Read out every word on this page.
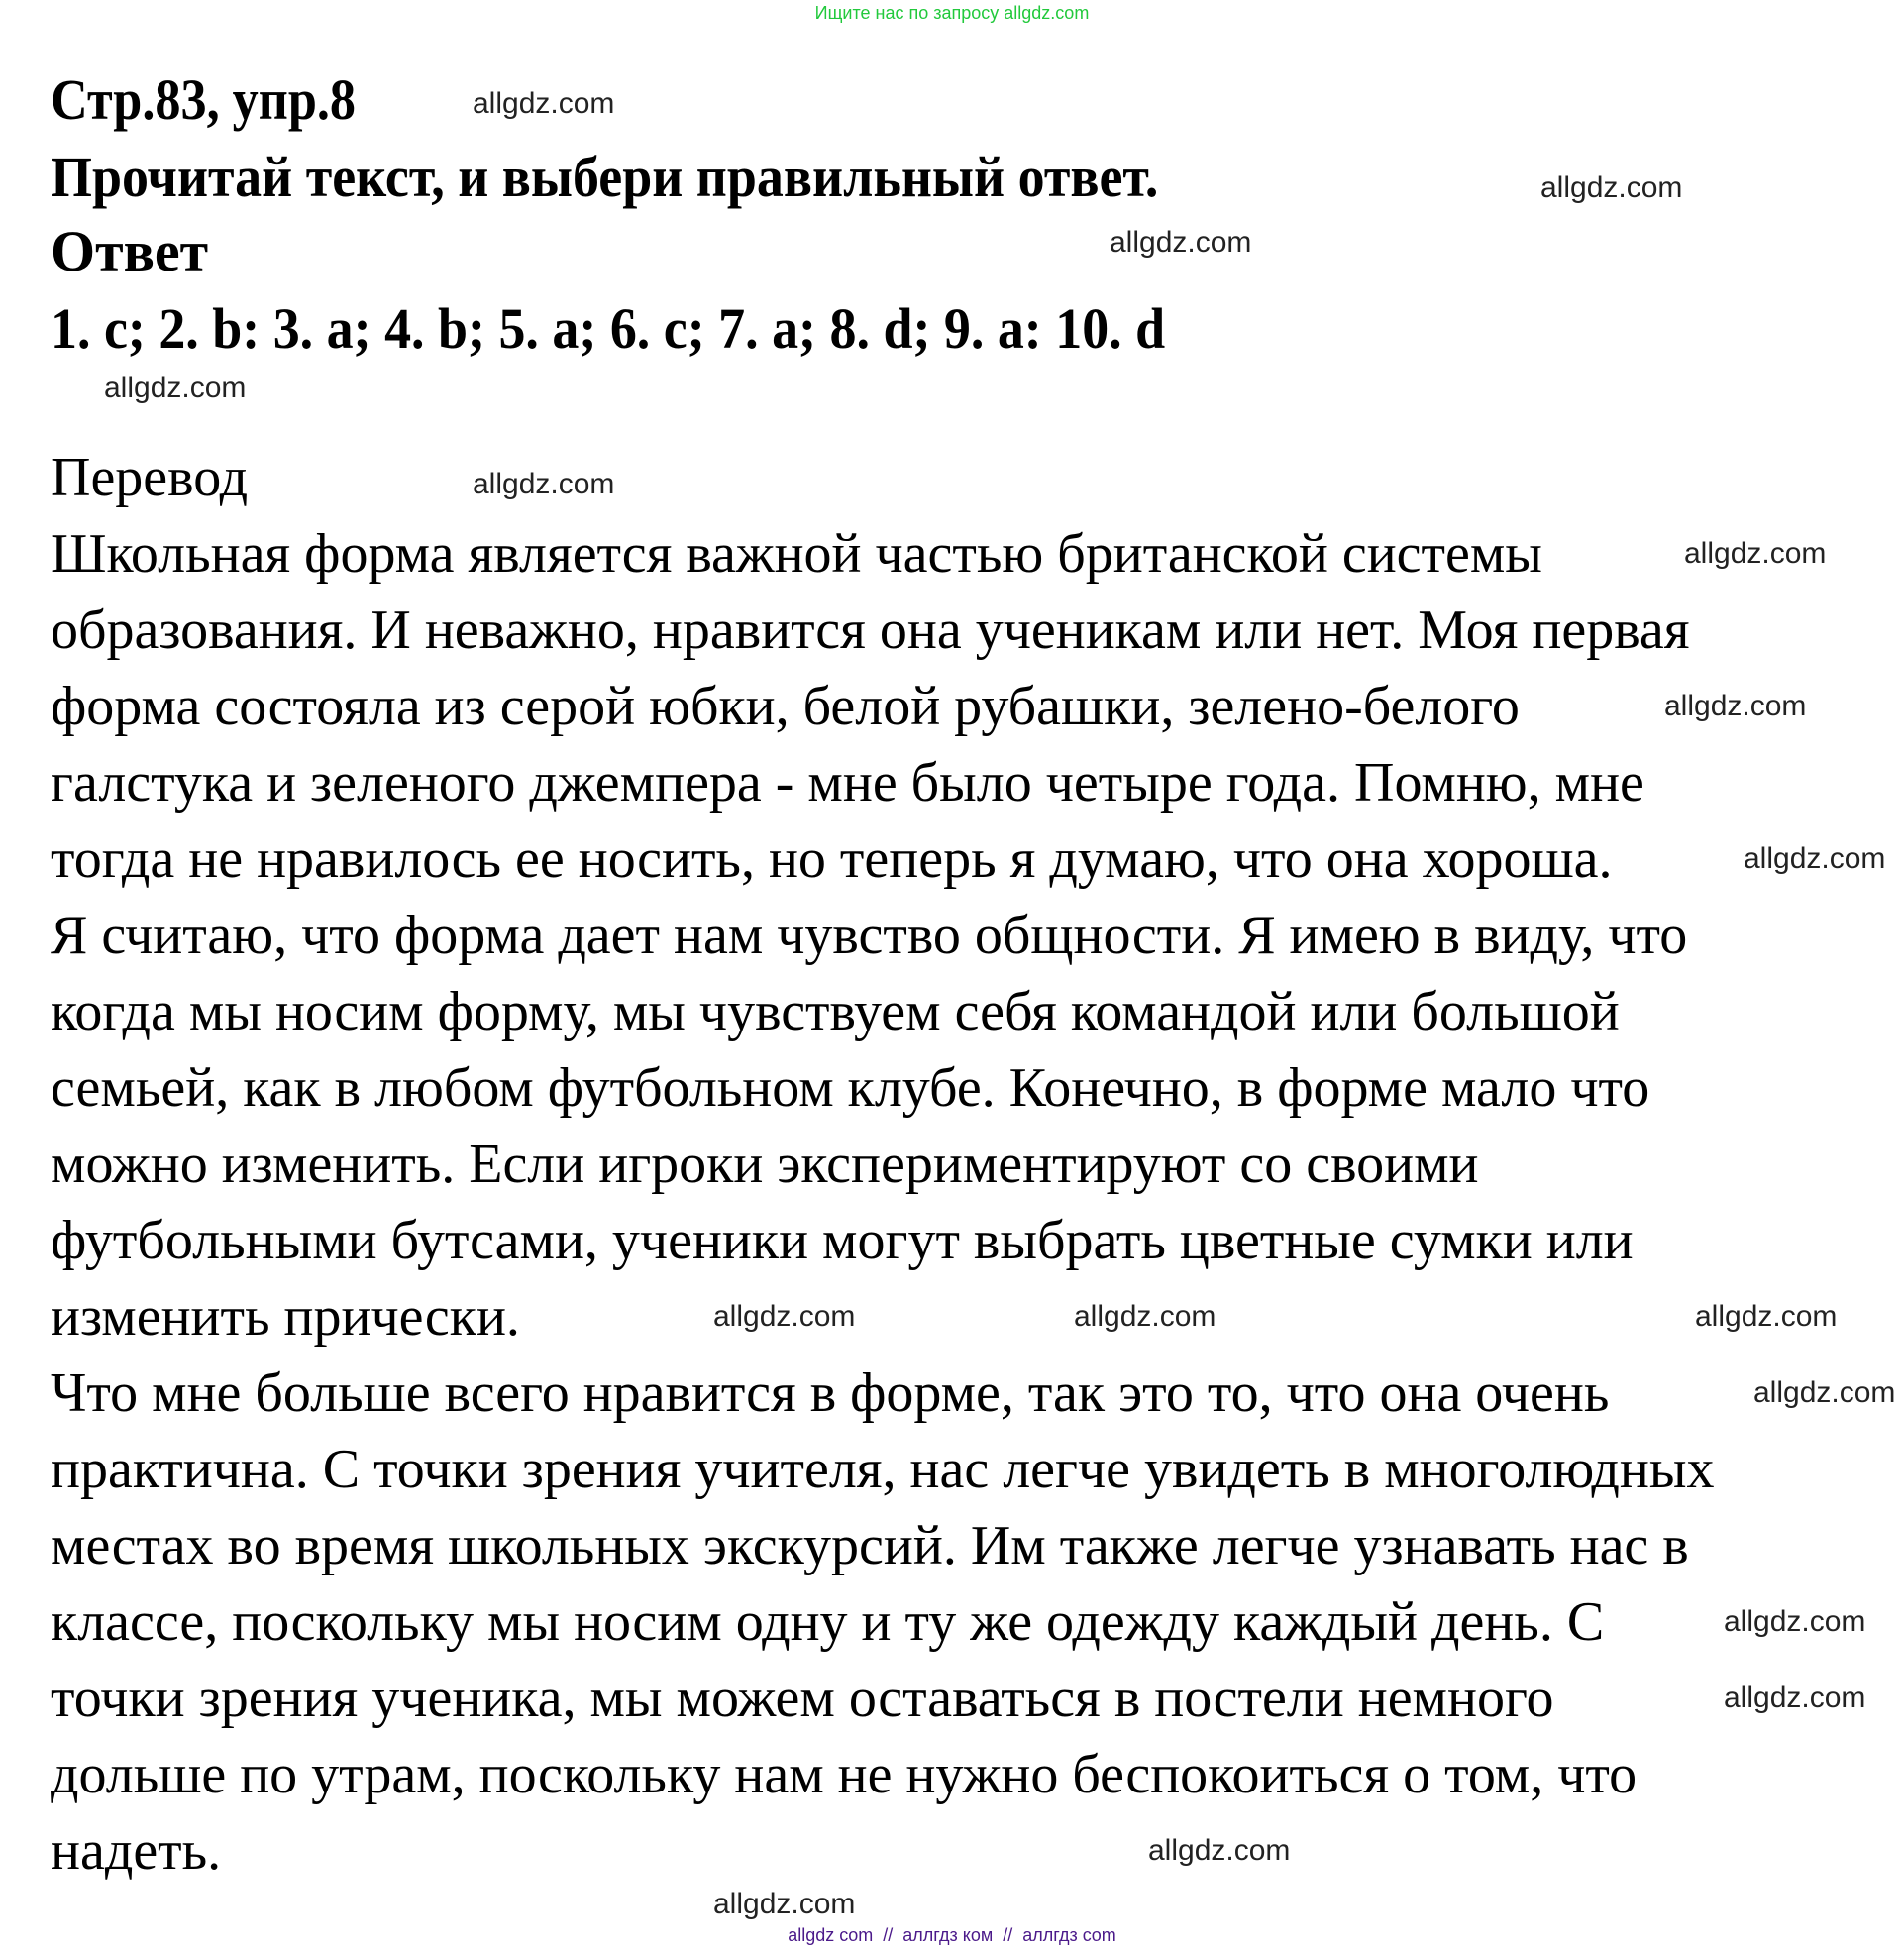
Ищите нас по запросу allgdz.com
Стр.83, упр.8
Прочитай текст, и выбери правильный ответ.
Ответ
1. c; 2. b: 3. a; 4. b; 5. a; 6. c; 7. a; 8. d; 9. a: 10. d
Перевод
Школьная форма является важной частью британской системы
образования. И неважно, нравится она ученикам или нет. Моя первая
форма состояла из серой юбки, белой рубашки, зелено-белого
галстука и зеленого джемпера - мне было четыре года. Помню, мне
тогда не нравилось ее носить, но теперь я думаю, что она хороша.
Я считаю, что форма дает нам чувство общности. Я имею в виду, что
когда мы носим форму, мы чувствуем себя командой или большой
семьей, как в любом футбольном клубе. Конечно, в форме мало что
можно изменить. Если игроки экспериментируют со своими
футбольными бутсами, ученики могут выбрать цветные сумки или
изменить прически.
Что мне больше всего нравится в форме, так это то, что она очень
практична. С точки зрения учителя, нас легче увидеть в многолюдных
местах во время школьных экскурсий. Им также легче узнавать нас в
классе, поскольку мы носим одну и ту же одежду каждый день. С
точки зрения ученика, мы можем оставаться в постели немного
дольше по утрам, поскольку нам не нужно беспокоиться о том, что
надеть.
allgdz.com
allgdz.com
allgdz.com
allgdz.com
allgdz.com
allgdz.com
allgdz.com
allgdz.com
allgdz.com	allgdz.com
allgdz.com
allgdz.com
allgdz.com
allgdz.com
allgdz.com
allgdz.com
allgdz com  //  аллгдз ком  //  аллгдз com
